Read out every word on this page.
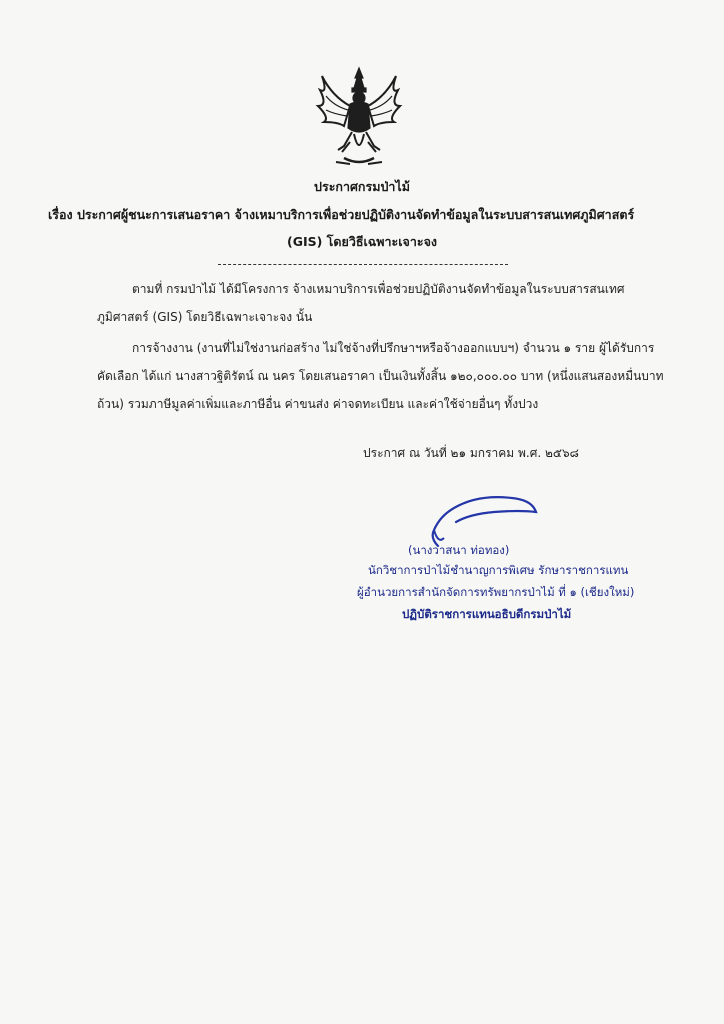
ประกาศกรมป่าไม้
เรื่อง ประกาศผู้ชนะการเสนอราคา จ้างเหมาบริการเพื่อช่วยปฏิบัติงานจัดทำข้อมูลในระบบสารสนเทศภูมิศาสตร์
(GIS) โดยวิธีเฉพาะเจาะจง
ตามที่ กรมป่าไม้ ได้มีโครงการ จ้างเหมาบริการเพื่อช่วยปฏิบัติงานจัดทำข้อมูลในระบบสารสนเทศ
ภูมิศาสตร์ (GIS) โดยวิธีเฉพาะเจาะจง นั้น
การจ้างงาน (งานที่ไม่ใช่งานก่อสร้าง ไม่ใช่จ้างที่ปรึกษาฯหรือจ้างออกแบบฯ) จำนวน ๑ ราย ผู้ได้รับการ
คัดเลือก ได้แก่ นางสาวฐิติรัตน์ ณ นคร โดยเสนอราคา เป็นเงินทั้งสิ้น ๑๒๐,๐๐๐.๐๐ บาท (หนึ่งแสนสองหมื่นบาท
ถ้วน) รวมภาษีมูลค่าเพิ่มและภาษีอื่น ค่าขนส่ง ค่าจดทะเบียน และค่าใช้จ่ายอื่นๆ ทั้งปวง
ประกาศ ณ วันที่ ๒๑ มกราคม พ.ศ. ๒๕๖๘
(นางวาสนา ท่อทอง)
นักวิชาการป่าไม้ชำนาญการพิเศษ รักษาราชการแทน
ผู้อำนวยการสำนักจัดการทรัพยากรป่าไม้ ที่ ๑ (เชียงใหม่)
ปฏิบัติราชการแทนอธิบดีกรมป่าไม้
